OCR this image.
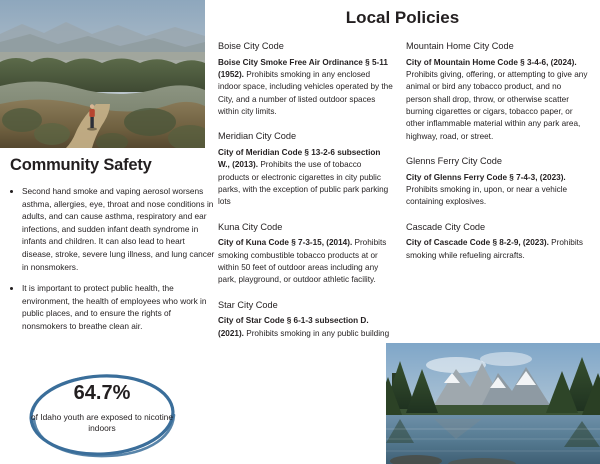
Community Safety
• Second hand smoke and vaping aerosol worsens asthma, allergies, eye, throat and nose conditions in adults, and can cause asthma, respiratory and ear infections, and sudden infant death syndrome in infants and children. It can also lead to heart disease, stroke, severe lung illness, and lung cancer in nonsmokers.
• It is important to protect public health, the environment, the health of employees who work in public places, and to ensure the rights of nonsmokers to breathe clean air.
64.7%
of Idaho youth are exposed to nicotine indoors
Local Policies
Boise City Code
Boise City Smoke Free Air Ordinance § 5-11 (1952). Prohibits smoking in any enclosed indoor space, including vehicles operated by the City, and a number of listed outdoor spaces within city limits.
Meridian City Code
City of Meridian Code § 13-2-6 subsection W., (2013). Prohibits the use of tobacco products or electronic cigarettes in city public parks, with the exception of public park parking lots
Kuna City Code
City of Kuna Code § 7-3-15, (2014). Prohibits smoking combustible tobacco products at or within 50 feet of outdoor areas including any park, playground, or outdoor athletic facility.
Star City Code
City of Star Code § 6-1-3 subsection D. (2021). Prohibits smoking in any public building
Mountain Home City Code
City of Mountain Home Code § 3-4-6, (2024). Prohibits giving, offering, or attempting to give any animal or bird any tobacco product, and no person shall drop, throw, or otherwise scatter burning cigarettes or cigars, tobacco paper, or other inflammable material within any park area, highway, road, or street.
Glenns Ferry City Code
City of Glenns Ferry Code § 7-4-3, (2023). Prohibits smoking in, upon, or near a vehicle containing explosives.
Cascade City Code
City of Cascade Code § 8-2-9, (2023). Prohibits smoking while refueling aircrafts.
